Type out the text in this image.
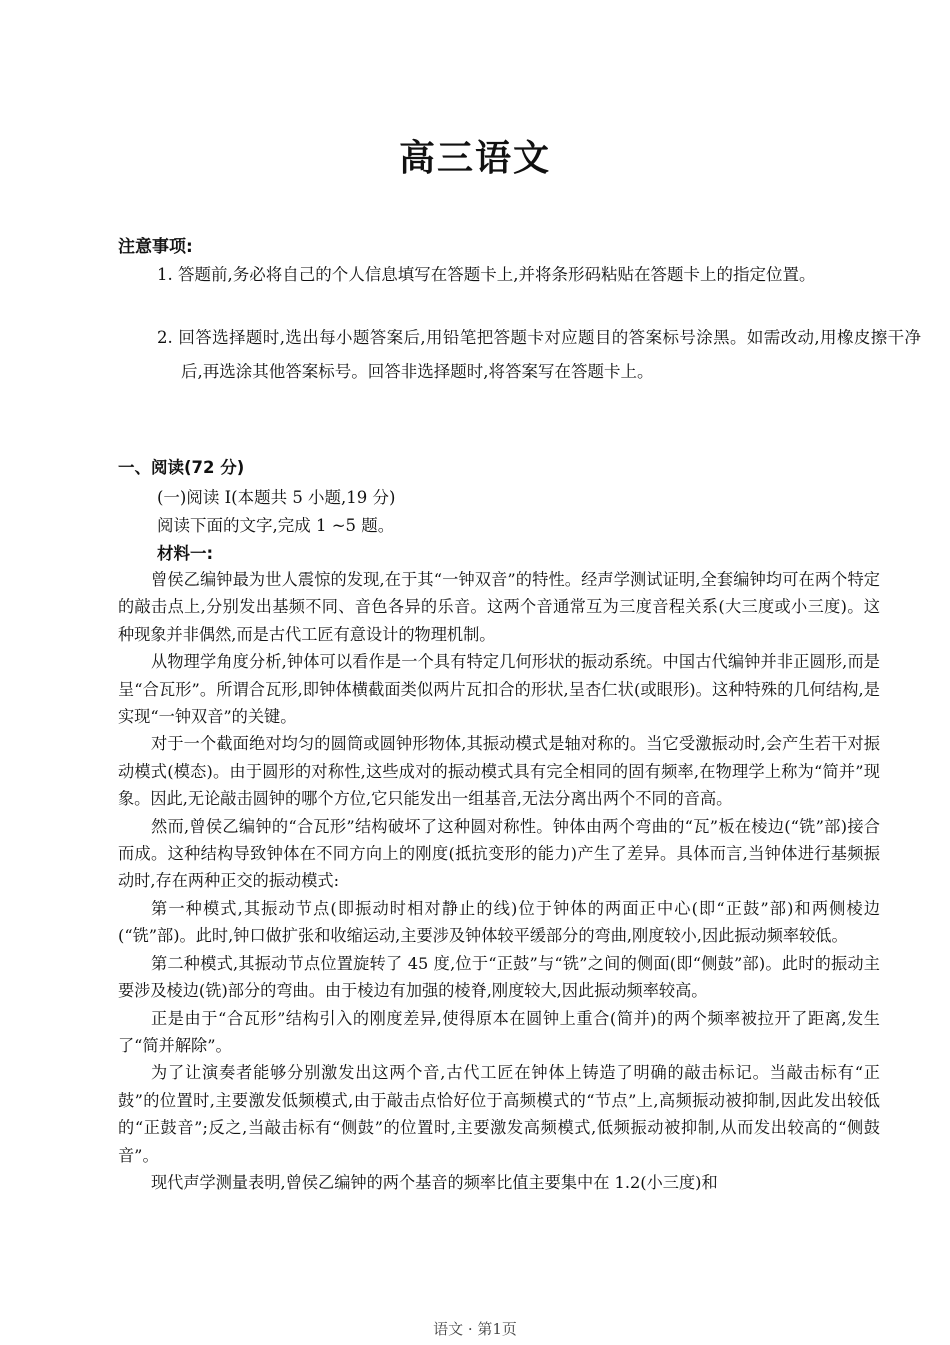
高三语文
注意事项:

1. 答题前,务必将自己的个人信息填写在答题卡上,并将条形码粘贴在答题卡上的指定位置。

2. 回答选择题时,选出每小题答案后,用铅笔把答题卡对应题目的答案标号涂黑。如需改动,用橡皮擦干净后,再选涂其他答案标号。回答非选择题时,将答案写在答题卡上。

一、阅读(72 分)
(一)阅读 I(本题共 5 小题,19 分)
阅读下面的文字,完成 1 ~5 题。
材料一:

曾侯乙编钟最为世人震惊的发现,在于其“一钟双音”的特性。经声学测试证明,全套编钟均可在两个特定的敲击点上,分别发出基频不同、音色各异的乐音。这两个音通常互为三度音程关系(大三度或小三度)。这种现象并非偶然,而是古代工匠有意设计的物理机制。

从物理学角度分析,钟体可以看作是一个具有特定几何形状的振动系统。中国古代编钟并非正圆形,而是呈“合瓦形”。所谓合瓦形,即钟体横截面类似两片瓦扣合的形状,呈杏仁状(或眼形)。这种特殊的几何结构,是实现“一钟双音”的关键。

对于一个截面绝对均匀的圆筒或圆钟形物体,其振动模式是轴对称的。当它受激振动时,会产生若干对振动模式(模态)。由于圆形的对称性,这些成对的振动模式具有完全相同的固有频率,在物理学上称为“简并”现象。因此,无论敲击圆钟的哪个方位,它只能发出一组基音,无法分离出两个不同的音高。

然而,曾侯乙编钟的“合瓦形”结构破坏了这种圆对称性。钟体由两个弯曲的“瓦”板在棱边(“铣”部)接合而成。这种结构导致钟体在不同方向上的刚度(抵抗变形的能力)产生了差异。具体而言,当钟体进行基频振动时,存在两种正交的振动模式:

第一种模式,其振动节点(即振动时相对静止的线)位于钟体的两面正中心(即“正鼓”部)和两侧棱边(“铣”部)。此时,钟口做扩张和收缩运动,主要涉及钟体较平缓部分的弯曲,刚度较小,因此振动频率较低。

第二种模式,其振动节点位置旋转了 45 度,位于“正鼓”与“铣”之间的侧面(即“侧鼓”部)。此时的振动主要涉及棱边(铣)部分的弯曲。由于棱边有加强的棱脊,刚度较大,因此振动频率较高。

正是由于“合瓦形”结构引入的刚度差异,使得原本在圆钟上重合(简并)的两个频率被拉开了距离,发生了“简并解除”。

为了让演奏者能够分别激发出这两个音,古代工匠在钟体上铸造了明确的敲击标记。当敲击标有“正鼓”的位置时,主要激发低频模式,由于敲击点恰好位于高频模式的“节点”上,高频振动被抑制,因此发出较低的“正鼓音”;反之,当敲击标有“侧鼓”的位置时,主要激发高频模式,低频振动被抑制,从而发出较高的“侧鼓音”。

现代声学测量表明,曾侯乙编钟的两个基音的频率比值主要集中在 1.2(小三度)和

语文 · 第1页
